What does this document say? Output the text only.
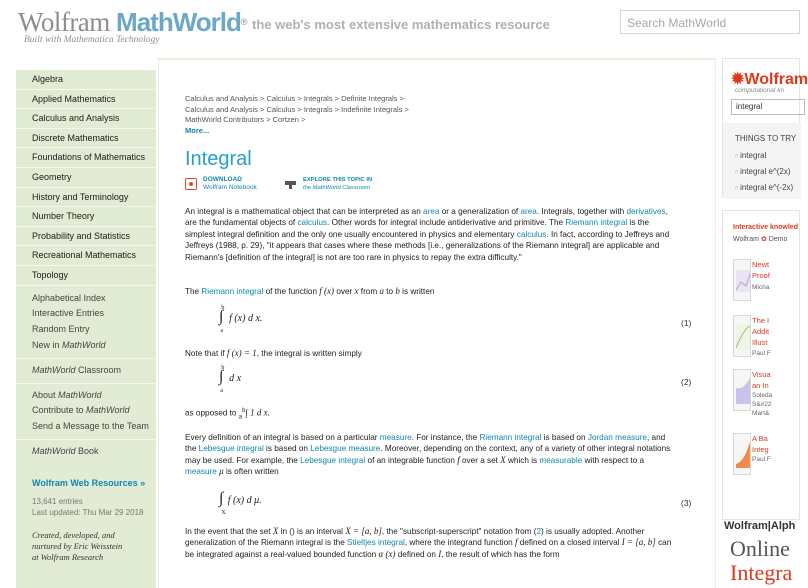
Wolfram MathWorld®
Built with Mathematica Technology
the web's most extensive mathematics resource	Search MathWorld
Algebra
Applied Mathematics
Calculus and Analysis
Discrete Mathematics
Foundations of Mathematics
Geometry
History and Terminology
Number Theory
Probability and Statistics
Recreational Mathematics
Topology
Alphabetical Index
Interactive Entries
Random Entry
New in MathWorld
MathWorld Classroom
About MathWorld
Contribute to MathWorld
Send a Message to the Team
MathWorld Book
Wolfram Web Resources »
13,641 entries
Last updated: Thu Mar 29 2018
Created, developed, and
nurtured by Eric Weisstein
at Wolfram Research
Calculus and Analysis > Calculus > Integrals > Definite Integrals >
Calculus and Analysis > Calculus > Integrals > Indefinite Integrals >
MathWorld Contributors > Cortzen >
More...
Integral
DOWNLOAD
Wolfram Notebook
EXPLORE THIS TOPIC IN
the MathWorld Classroom
An integral is a mathematical object that can be interpreted as an area or a generalization of area. Integrals, together with derivatives, are the fundamental objects of calculus. Other words for integral include antiderivative and primitive. The Riemann integral is the simplest integral definition and the only one usually encountered in physics and elementary calculus. In fact, according to Jeffreys and Jeffreys (1988, p. 29), "it appears that cases where these methods [i.e., generalizations of the Riemann integral] are applicable and Riemann's [definition of the integral] is not are too rare in physics to repay the extra difficulty."
The Riemann integral of the function f (x) over x from a to b is written
∫$^b_a$f (x) d x.	(1)
Note that if f (x) = 1, the integral is written simply
∫$^b_a$d x	(2)
as opposed to $_a^b$∫ 1 d x.
Every definition of an integral is based on a particular measure. For instance, the Riemann integral is based on Jordan measure, and the Lebesgue integral is based on Lebesgue measure. Moreover, depending on the context, any of a variety of other integral notations may be used. For example, the Lebesgue integral of an integrable function f over a set X which is measurable with respect to a measure μ is often written
$\int_Xf$ (x) d μ.	(3)
In the event that the set X in () is an interval X = [a, b], the "subscript-superscript" notation from (2) is usually adopted. Another generalization of the Riemann integral is the Stieltjes integral, where the integrand function f defined on a closed interval I = [a, b] can be integrated against a real-valued bounded function α (x) defined on I, the result of which has the form
✹Wolfram
computational kn
integral
THINGS TO TRY
▫ integral
▫ integral e^(2x)
▫ integral e^(-2x)
Interactive knowled
Wolfram ✿ Demo
Newt
Proof
Micha
The I
Addit
Illust
Paul F
Visua
an In
Soleda
S&#22
Mart&
A Ba
Integ
Paul F
Wolfram|Alph
Online
Integra
